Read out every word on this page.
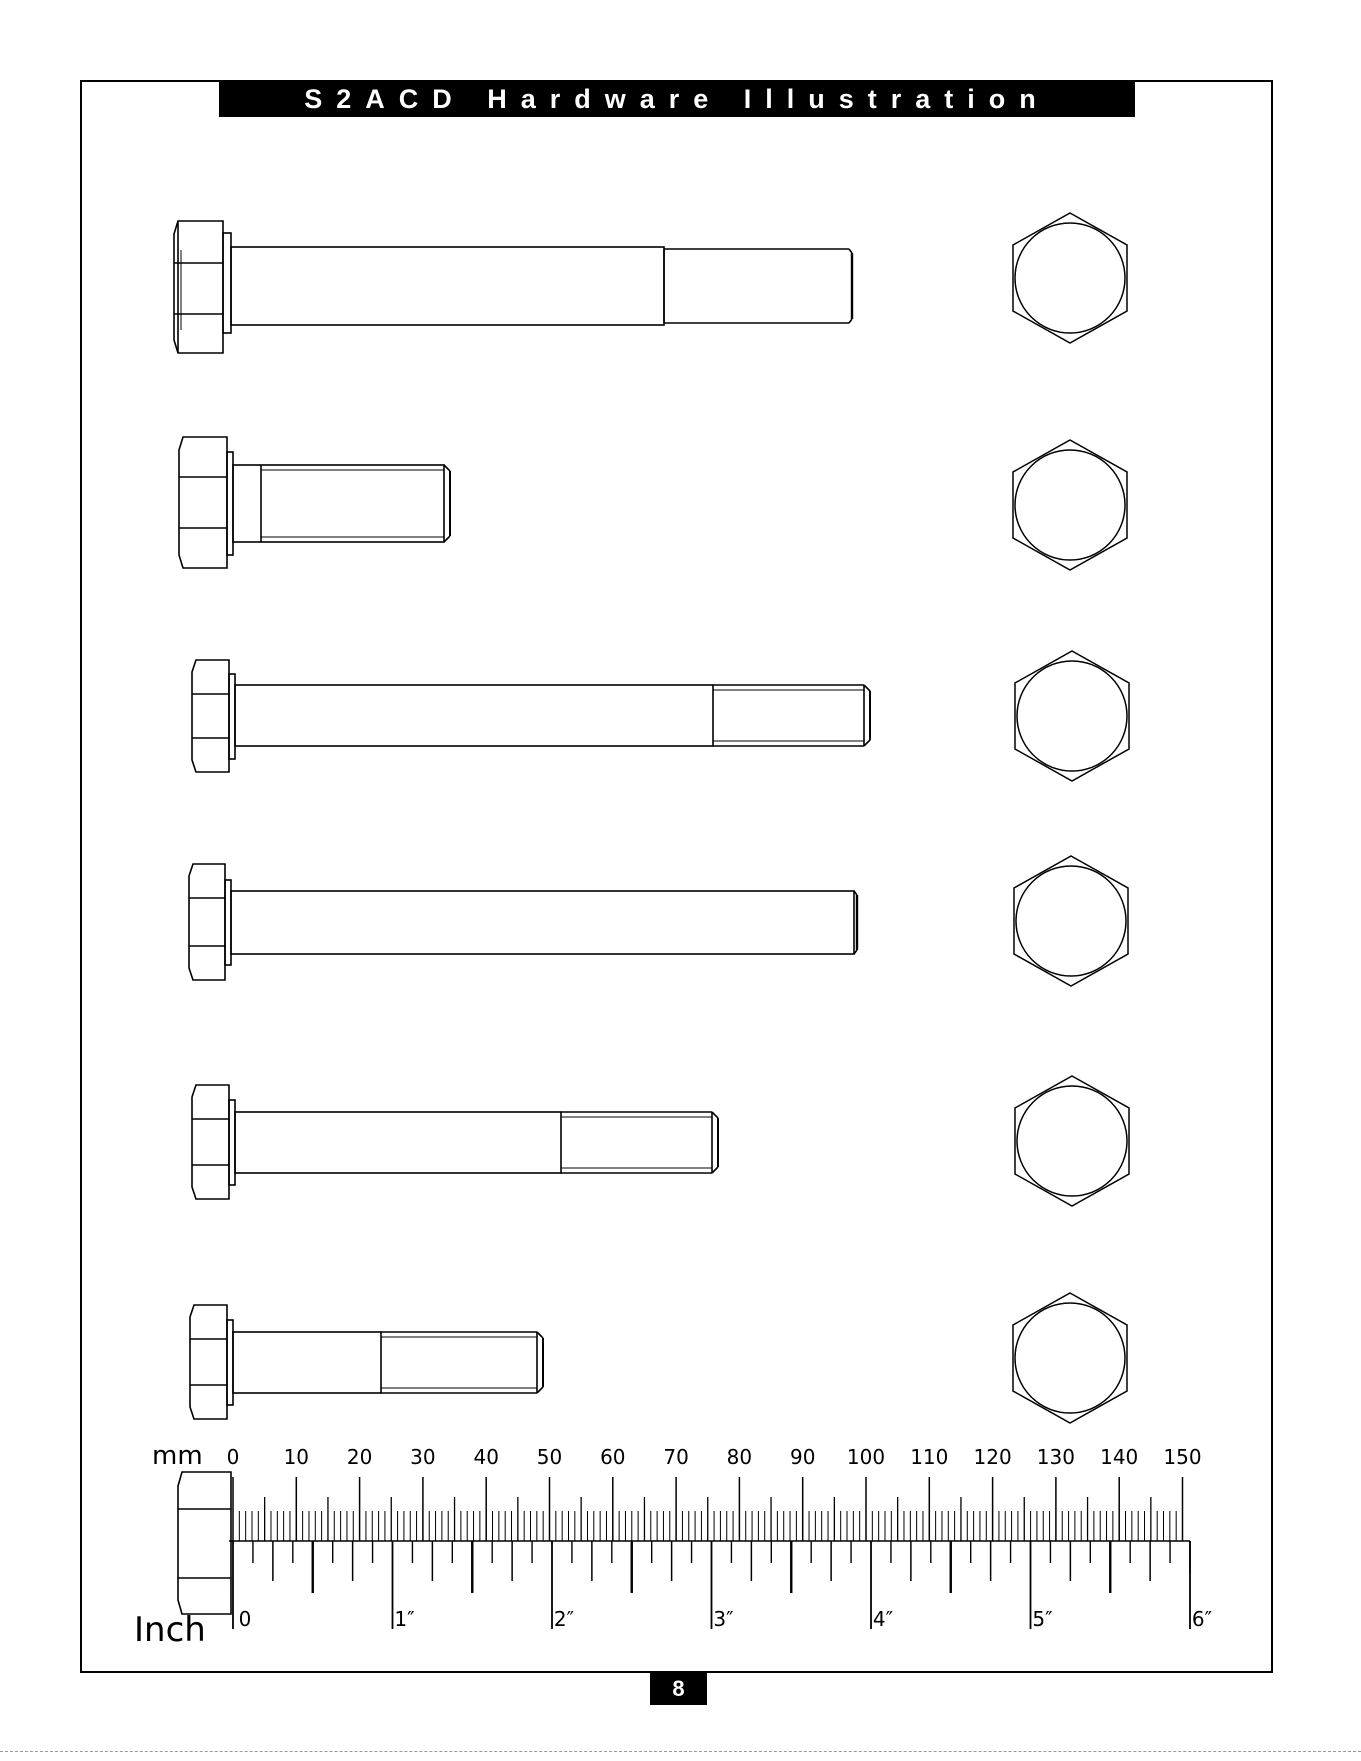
S2ACD Hardware Illustration
mm
Inch
0 10 20 30 40 50 60 70 80 90 100 110 120 130 140 150
0	1″	2″	3″	4″	5″	6″
8
